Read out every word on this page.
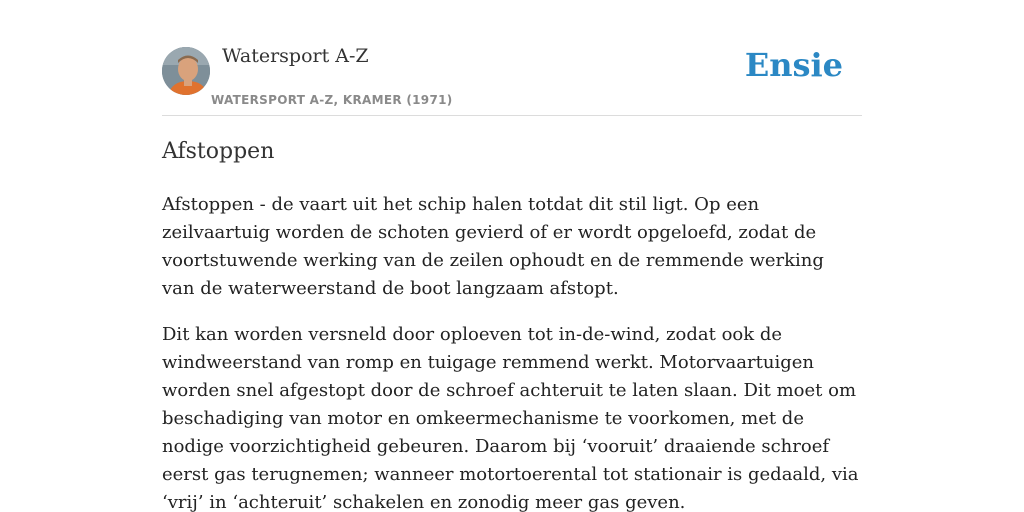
Watersport A-Z
WATERSPORT A-Z, KRAMER (1971)
Ensie
Afstoppen

Afstoppen - de vaart uit het schip halen totdat dit stil ligt. Op een zeilvaartuig worden de schoten gevierd of er wordt opgeloefd, zodat de voortstuwende werking van de zeilen ophoudt en de remmende werking van de waterweerstand de boot langzaam afstopt.

Dit kan worden versneld door oploeven tot in-de-wind, zodat ook de windweerstand van romp en tuigage remmend werkt. Motorvaartuigen worden snel afgestopt door de schroef achteruit te laten slaan. Dit moet om beschadiging van motor en omkeermechanisme te voorkomen, met de nodige voorzichtigheid gebeuren. Daarom bij ‘vooruit’ draaiende schroef eerst gas terugnemen; wanneer motortoerental tot stationair is gedaald, via ‘vrij’ in ‘achteruit’ schakelen en zonodig meer gas geven.
